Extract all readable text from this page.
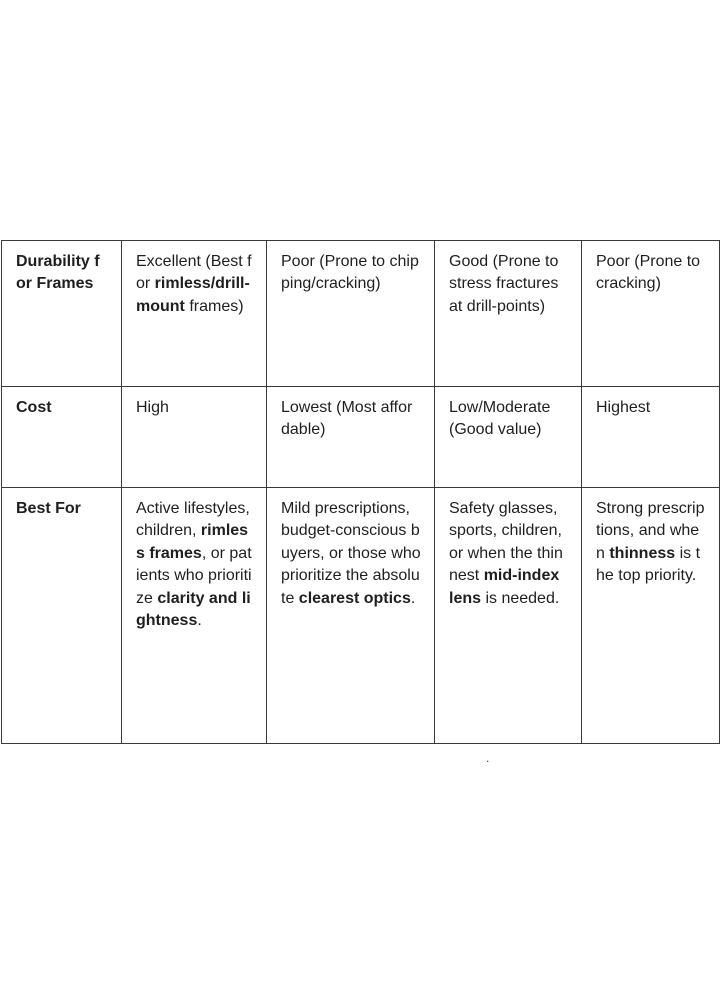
Durability for Frames	Excellent (Best for rimless/drill-mount frames)	Poor (Prone to chipping/cracking)	Good (Prone to stress fractures at drill-points)	Poor (Prone to cracking)
Cost	High	Lowest (Most affordable)	Low/Moderate (Good value)	Highest
Best For	Active lifestyles, children, rimless frames, or patients who prioritize clarity and lightness.	Mild prescriptions, budget-conscious buyers, or those who prioritize the absolute clearest optics.	Safety glasses, sports, children, or when the thinnest mid-index lens is needed.	Strong prescriptions, and when thinness is the top priority.
.
